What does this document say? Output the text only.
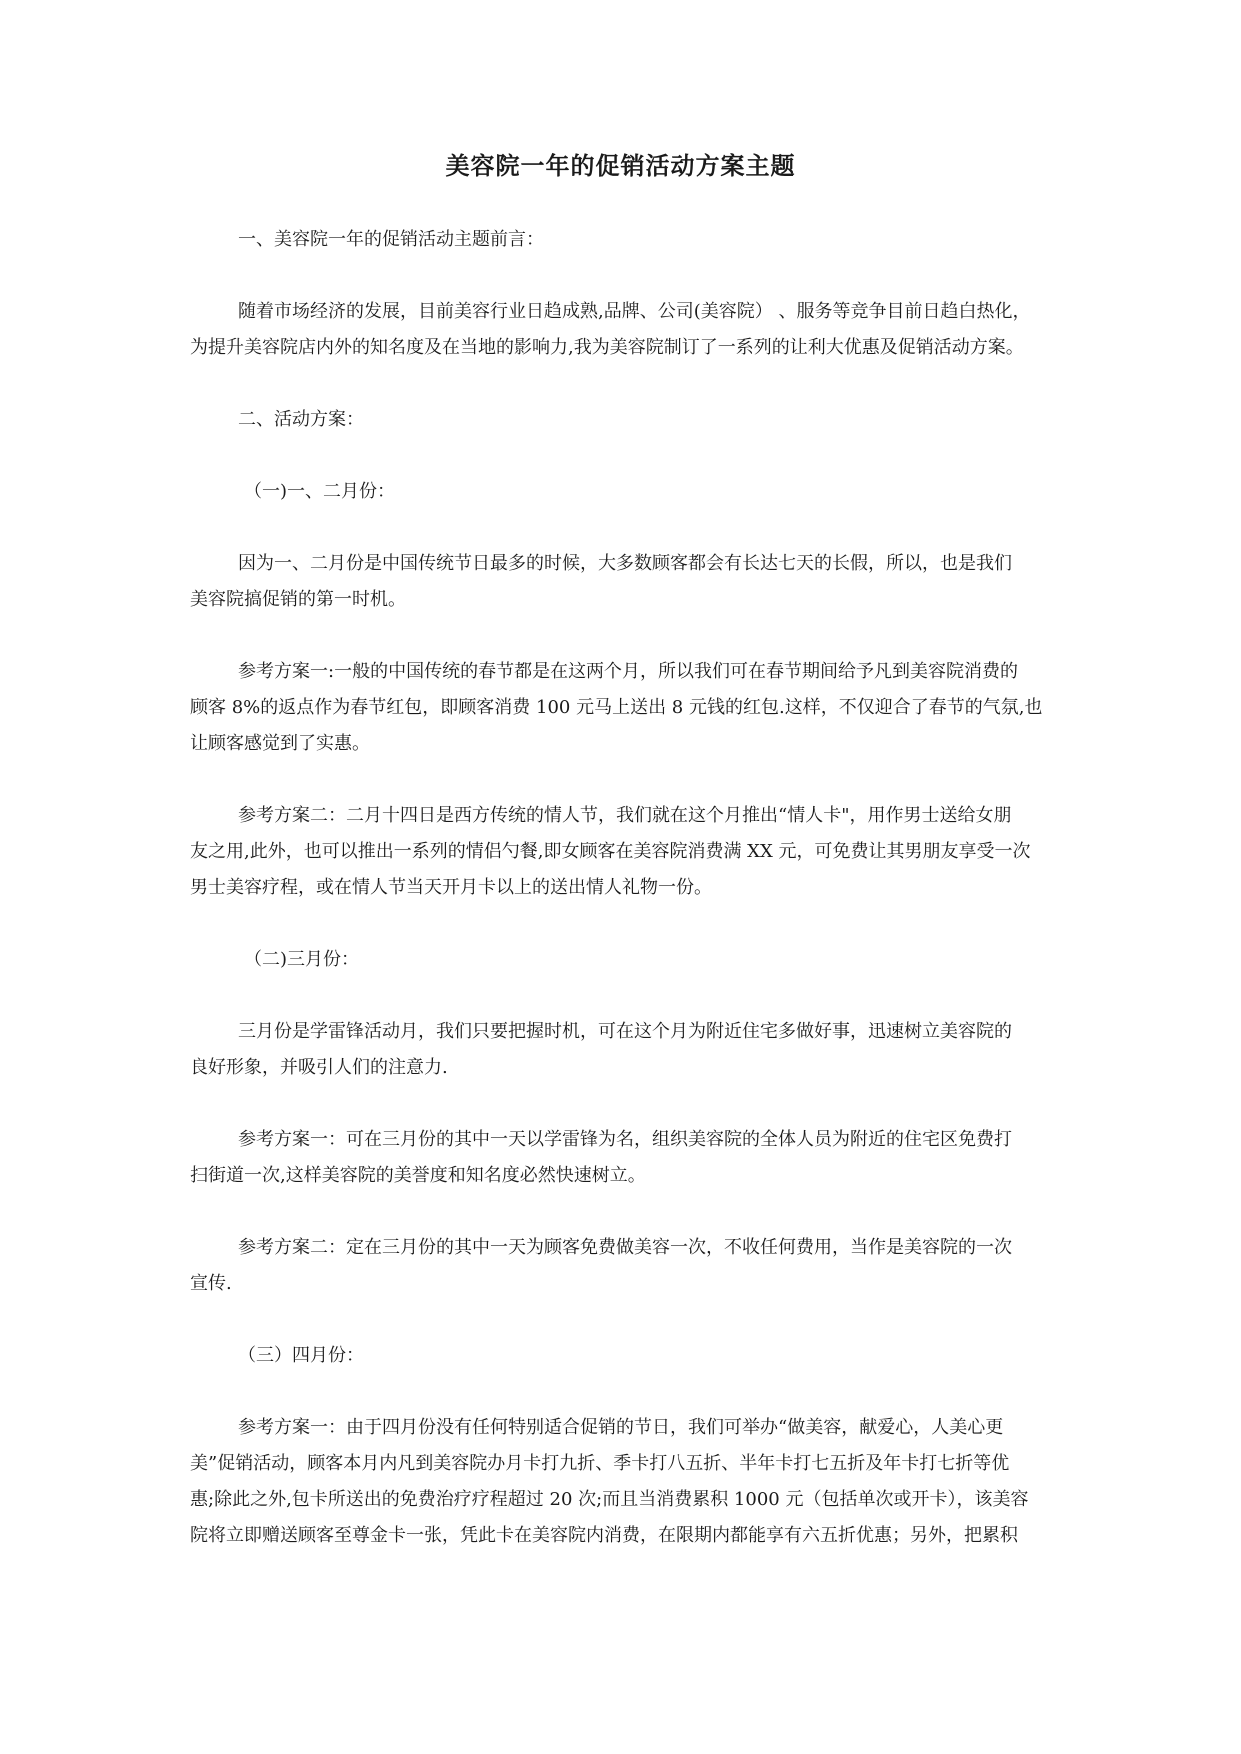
美容院一年的促销活动方案主题
一、美容院一年的促销活动主题前言：
随着市场经济的发展，目前美容行业日趋成熟,品牌、公司(美容院） 、服务等竞争目前日趋白热化，
为提升美容院店内外的知名度及在当地的影响力,我为美容院制订了一系列的让利大优惠及促销活动方案。
二、活动方案：
（一)一、二月份：
因为一、二月份是中国传统节日最多的时候，大多数顾客都会有长达七天的长假，所以，也是我们
美容院搞促销的第一时机。
参考方案一:一般的中国传统的春节都是在这两个月，所以我们可在春节期间给予凡到美容院消费的
顾客 8%的返点作为春节红包，即顾客消费 100 元马上送出 8 元钱的红包.这样，不仅迎合了春节的气氛,也
让顾客感觉到了实惠。
参考方案二：二月十四日是西方传统的情人节，我们就在这个月推出“情人卡"，用作男士送给女朋
友之用,此外，也可以推出一系列的情侣勺餐,即女顾客在美容院消费满 XX 元，可免费让其男朋友享受一次
男士美容疗程，或在情人节当天开月卡以上的送出情人礼物一份。
（二)三月份：
三月份是学雷锋活动月，我们只要把握时机，可在这个月为附近住宅多做好事，迅速树立美容院的
良好形象，并吸引人们的注意力.
参考方案一：可在三月份的其中一天以学雷锋为名，组织美容院的全体人员为附近的住宅区免费打
扫街道一次,这样美容院的美誉度和知名度必然快速树立。
参考方案二：定在三月份的其中一天为顾客免费做美容一次，不收任何费用，当作是美容院的一次
宣传.
（三）四月份：
参考方案一：由于四月份没有任何特别适合促销的节日，我们可举办“做美容，献爱心，人美心更
美”促销活动，顾客本月内凡到美容院办月卡打九折、季卡打八五折、半年卡打七五折及年卡打七折等优
惠;除此之外,包卡所送出的免费治疗疗程超过 20 次;而且当消费累积 1000 元（包括单次或开卡），该美容
院将立即赠送顾客至尊金卡一张，凭此卡在美容院内消费，在限期内都能享有六五折优惠；另外，把累积
